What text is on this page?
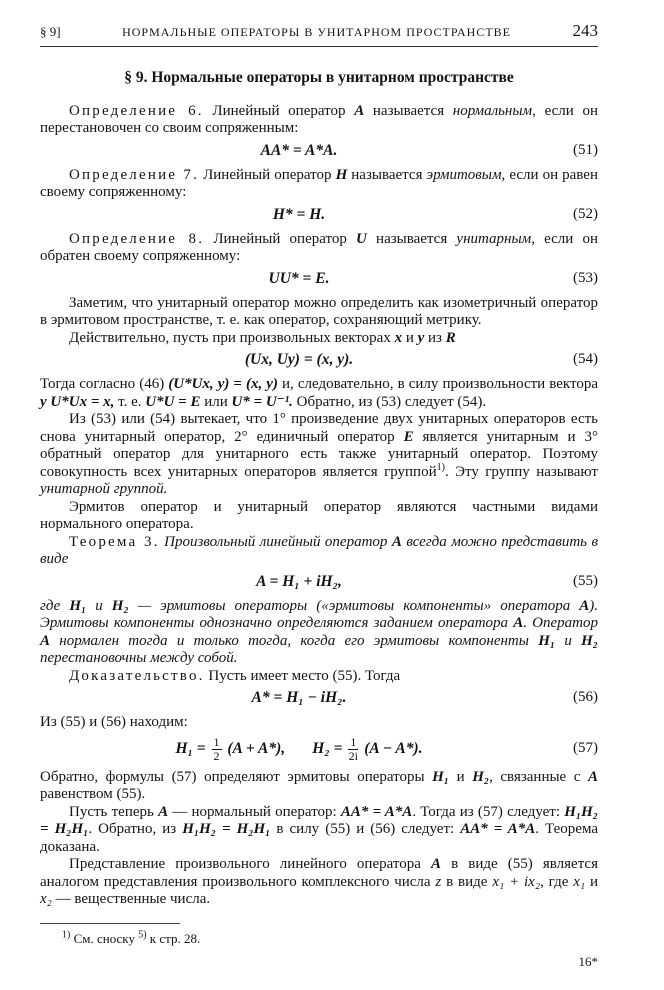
§ 9]	НОРМАЛЬНЫЕ ОПЕРАТОРЫ В УНИТАРНОМ ПРОСТРАНСТВЕ	243
§ 9. Нормальные операторы в унитарном пространстве

Определение 6. Линейный оператор A называется нормальным, если он перестановочен со своим сопряженным:

AA* = A*A.	(51)

Определение 7. Линейный оператор H называется эрмитовым, если он равен своему сопряженному:

H* = H.	(52)

Определение 8. Линейный оператор U называется унитарным, если он обратен своему сопряженному:

UU* = E.	(53)

Заметим, что унитарный оператор можно определить как изометричный оператор в эрмитовом пространстве, т. е. как оператор, сохраняющий метрику.

Действительно, пусть при произвольных векторах x и y из R

(Ux, Uy) = (x, y).	(54)

Тогда согласно (46) (U*Ux, y) = (x, y) и, следовательно, в силу произвольности вектора y U*Ux = x, т. е. U*U = E или U* = U⁻¹. Обратно, из (53) следует (54).

Из (53) или (54) вытекает, что 1° произведение двух унитарных операторов есть снова унитарный оператор, 2° единичный оператор E является унитарным и 3° обратный оператор для унитарного есть также унитарный оператор. Поэтому совокупность всех унитарных операторов является группой$^{1)}$. Эту группу называют унитарной группой.

Эрмитов оператор и унитарный оператор являются частными видами нормального оператора.

Теорема 3. Произвольный линейный оператор A всегда можно представить в виде

A = H₁ + iH₂,	(55)

где H₁ и H₂ — эрмитовы операторы («эрмитовы компоненты» оператора A). Эрмитовы компоненты однозначно определяются заданием оператора A. Оператор A нормален тогда и только тогда, когда его эрмитовы компоненты H₁ и H₂ перестановочны между собой.

Доказательство. Пусть имеет место (55). Тогда

A* = H₁ − iH₂.	(56)

Из (55) и (56) находим:

$H_1 = \frac{1}{2} (A + A*)$, $H_2 = \frac{1}{2i} (A - A*)$.	(57)

Обратно, формулы (57) определяют эрмитовы операторы H₁ и H₂, связанные с A равенством (55).

Пусть теперь A — нормальный оператор: AA* = A*A. Тогда из (57) следует: H₁H₂ = H₂H₁. Обратно, из H₁H₂ = H₂H₁ в силу (55) и (56) следует: AA* = A*A. Теорема доказана.

Представление произвольного линейного оператора A в виде (55) является аналогом представления произвольного комплексного числа z в виде x₁ + ix₂, где x₁ и x₂ — вещественные числа.

$^{1)}$ См. сноску $^{5)}$ к стр. 28.

16*
